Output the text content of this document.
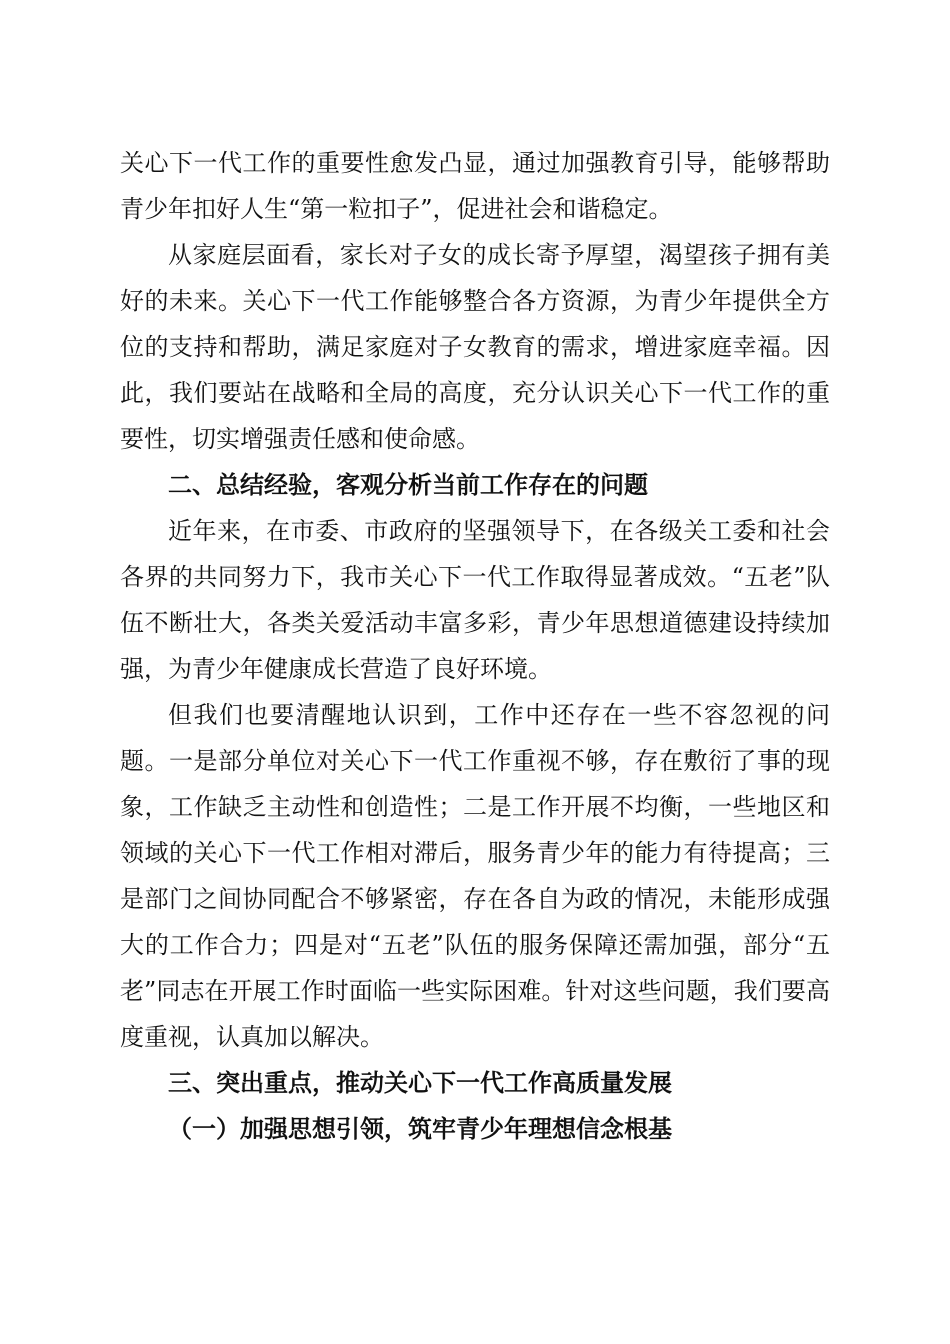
关心下一代工作的重要性愈发凸显，通过加强教育引导，能够帮助青少年扣好人生“第一粒扣子”，促进社会和谐稳定。

从家庭层面看，家长对子女的成长寄予厚望，渴望孩子拥有美好的未来。关心下一代工作能够整合各方资源，为青少年提供全方位的支持和帮助，满足家庭对子女教育的需求，增进家庭幸福。因此，我们要站在战略和全局的高度，充分认识关心下一代工作的重要性，切实增强责任感和使命感。

二、总结经验，客观分析当前工作存在的问题

近年来，在市委、市政府的坚强领导下，在各级关工委和社会各界的共同努力下，我市关心下一代工作取得显著成效。“五老”队伍不断壮大，各类关爱活动丰富多彩，青少年思想道德建设持续加强，为青少年健康成长营造了良好环境。

但我们也要清醒地认识到，工作中还存在一些不容忽视的问题。一是部分单位对关心下一代工作重视不够，存在敷衍了事的现象，工作缺乏主动性和创造性；二是工作开展不均衡，一些地区和领域的关心下一代工作相对滞后，服务青少年的能力有待提高；三是部门之间协同配合不够紧密，存在各自为政的情况，未能形成强大的工作合力；四是对“五老”队伍的服务保障还需加强，部分“五老”同志在开展工作时面临一些实际困难。针对这些问题，我们要高度重视，认真加以解决。

三、突出重点，推动关心下一代工作高质量发展

（一）加强思想引领，筑牢青少年理想信念根基
